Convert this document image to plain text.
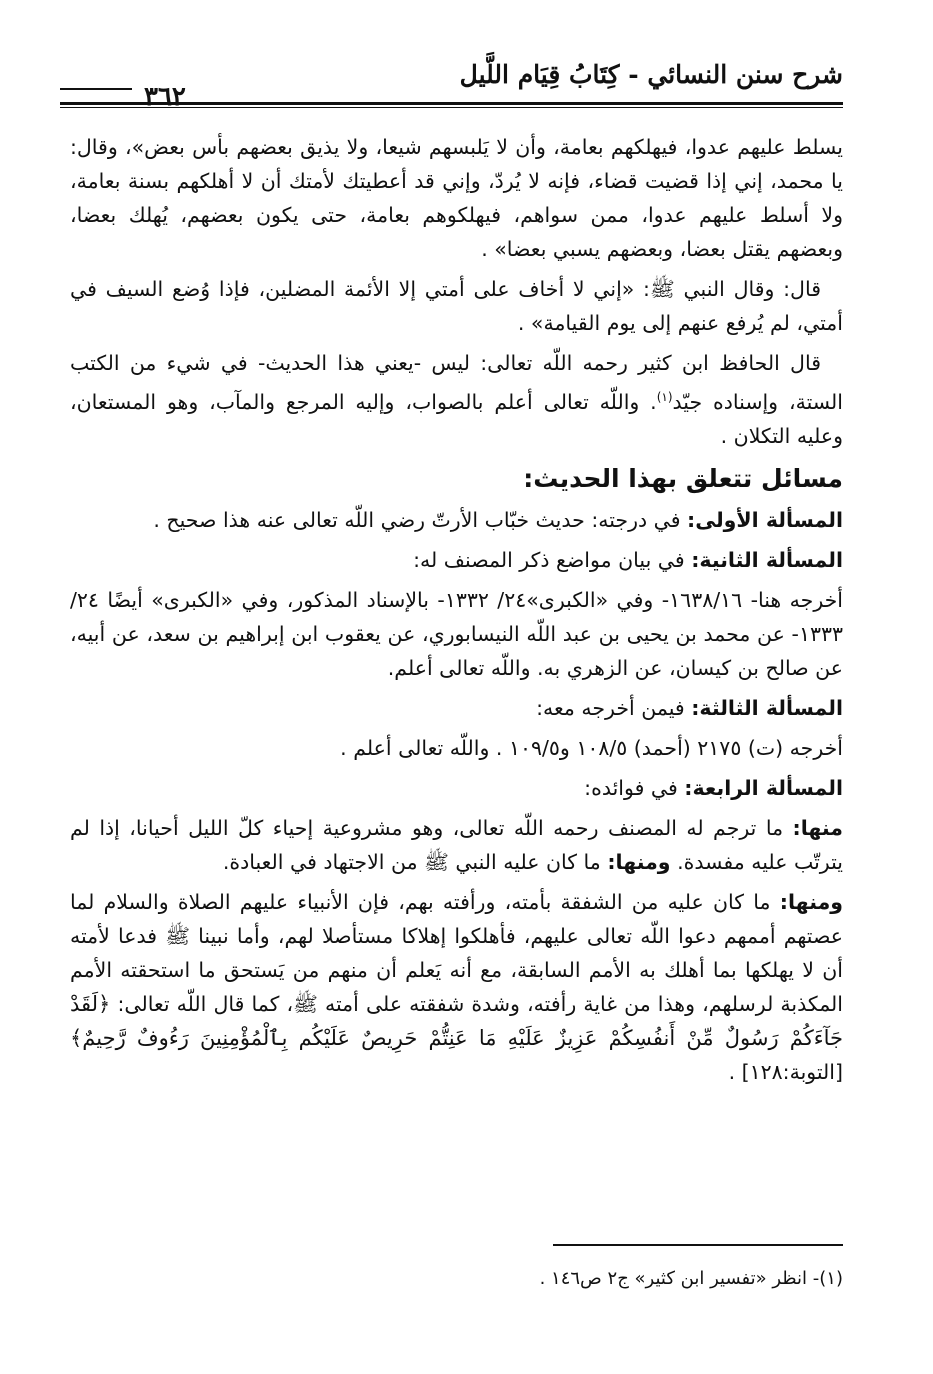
شرح سنن النسائي - كِتَابُ قِيَام اللَّيل
٣٦٢

يسلط عليهم عدوا، فيهلكهم بعامة، وأن لا يَلبسهم شيعا، ولا يذيق بعضهم بأس بعض»، وقال: يا محمد، إني إذا قضيت قضاء، فإنه لا يُردّ، وإني قد أعطيتك لأمتك أن لا أهلكهم بسنة بعامة، ولا أسلط عليهم عدوا، ممن سواهم، فيهلكوهم بعامة، حتى يكون بعضهم، يُهلك بعضا، وبعضهم يقتل بعضا، وبعضهم يسبي بعضا» .

قال: وقال النبي ﷺ: «إني لا أخاف على أمتي إلا الأئمة المضلين، فإذا وُضع السيف في أمتي، لم يُرفع عنهم إلى يوم القيامة» .

قال الحافظ ابن كثير رحمه اللّه تعالى: ليس -يعني هذا الحديث- في شيء من الكتب الستة، وإسناده جيّد$^{(١)}$. واللّه تعالى أعلم بالصواب، وإليه المرجع والمآب، وهو المستعان، وعليه التكلان .

مسائل تتعلق بهذا الحديث:

المسألة الأولى: في درجته: حديث خبّاب الأرتّ رضي اللّه تعالى عنه هذا صحيح .

المسألة الثانية: في بيان مواضع ذكر المصنف له:

أخرجه هنا- ١٦٣٨/١٦- وفي «الكبرى»٢٤/ ١٣٣٢- بالإسناد المذكور، وفي «الكبرى» أيضًا ٢٤/ ١٣٣٣- عن محمد بن يحيى بن عبد اللّه النيسابوري، عن يعقوب ابن إبراهيم بن سعد، عن أبيه، عن صالح بن كيسان، عن الزهري به. واللّه تعالى أعلم.

المسألة الثالثة: فيمن أخرجه معه:

أخرجه (ت) ٢١٧٥ (أحمد) ١٠٨/٥ و١٠٩/٥ . واللّه تعالى أعلم .

المسألة الرابعة: في فوائده:

منها: ما ترجم له المصنف رحمه اللّه تعالى، وهو مشروعية إحياء كلّ الليل أحيانا، إذا لم يترتّب عليه مفسدة. ومنها: ما كان عليه النبي ﷺ من الاجتهاد في العبادة.

ومنها: ما كان عليه من الشفقة بأمته، ورأفته بهم، فإن الأنبياء عليهم الصلاة والسلام لما عصتهم أممهم دعوا اللّه تعالى عليهم، فأهلكوا إهلاكا مستأصلا لهم، وأما نبينا ﷺ فدعا لأمته أن لا يهلكها بما أهلك به الأمم السابقة، مع أنه يَعلم أن منهم من يَستحق ما استحقته الأمم المكذبة لرسلهم، وهذا من غاية رأفته، وشدة شفقته على أمته ﷺ، كما قال اللّه تعالى: ﴿لَقَدْ جَآءَكُمْ رَسُولٌ مِّنْ أَنفُسِكُمْ عَزِيزٌ عَلَيْهِ مَا عَنِتُّمْ حَرِيصٌ عَلَيْكُم بِٱلْمُؤْمِنِينَ رَءُوفٌ رَّحِيمٌ﴾ [التوبة:١٢٨] .

(١)- انظر «تفسير ابن كثير» ج٢ ص١٤٦ .
